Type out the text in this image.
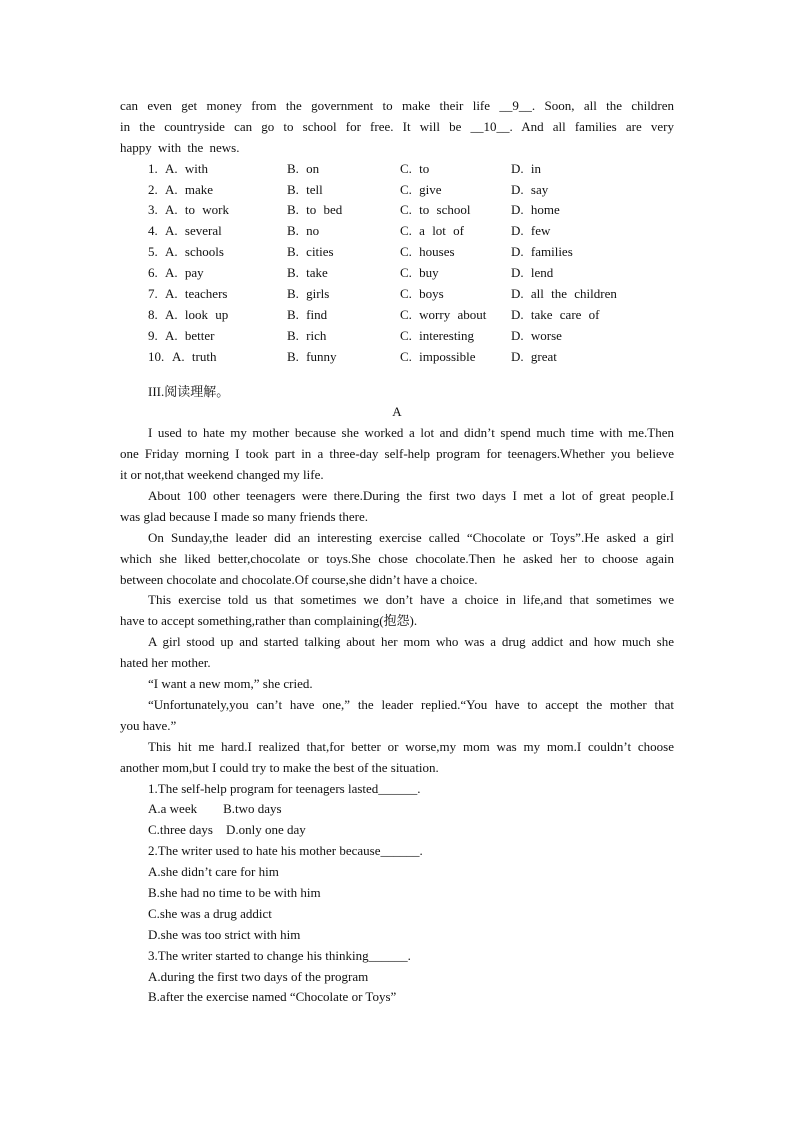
can even get money from the government to make their life __9__. Soon, all the children
in the countryside can go to school for free. It will be __10__. And all families are very
happy with the news.
1. A. with	B. on	C. to	D. in
2. A. make	B. tell	C. give	D. say
3. A. to work	B. to bed	C. to school	D. home
4. A. several	B. no	C. a lot of	D. few
5. A. schools	B. cities	C. houses	D. families
6. A. pay	B. take	C. buy	D. lend
7. A. teachers	B. girls	C. boys	D. all the children
8. A. look up	B. find	C. worry about D. take care of
9. A. better	B. rich	C. interesting	D. worse
10. A. truth	B. funny	C. impossible	D. great
III.阅读理解。
A
I used to hate my mother because she worked a lot and didn’t spend much time with me.Then
one Friday morning I took part in a three-day self-help program for teenagers.Whether you believe
it or not,that weekend changed my life.
About 100 other teenagers were there.During the first two days I met a lot of great people.I
was glad because I made so many friends there.
On Sunday,the leader did an interesting exercise called “Chocolate or Toys”.He asked a girl
which she liked better,chocolate or toys.She chose chocolate.Then he asked her to choose again
between chocolate and chocolate.Of course,she didn’t have a choice.
This exercise told us that sometimes we don’t have a choice in life,and that sometimes we
have to accept something,rather than complaining(抱怨).
A girl stood up and started talking about her mom who was a drug addict and how much she
hated her mother.
“I want a new mom,” she cried.
“Unfortunately,you can’t have one,” the leader replied.“You have to accept the mother that
you have.”
This hit me hard.I realized that,for better or worse,my mom was my mom.I couldn’t choose
another mom,but I could try to make the best of the situation.
1.The self-help program for teenagers lasted______.
A.a week        B.two days
C.three days    D.only one day
2.The writer used to hate his mother because______.
A.she didn’t care for him
B.she had no time to be with him
C.she was a drug addict
D.she was too strict with him
3.The writer started to change his thinking______.
A.during the first two days of the program
B.after the exercise named “Chocolate or Toys”
